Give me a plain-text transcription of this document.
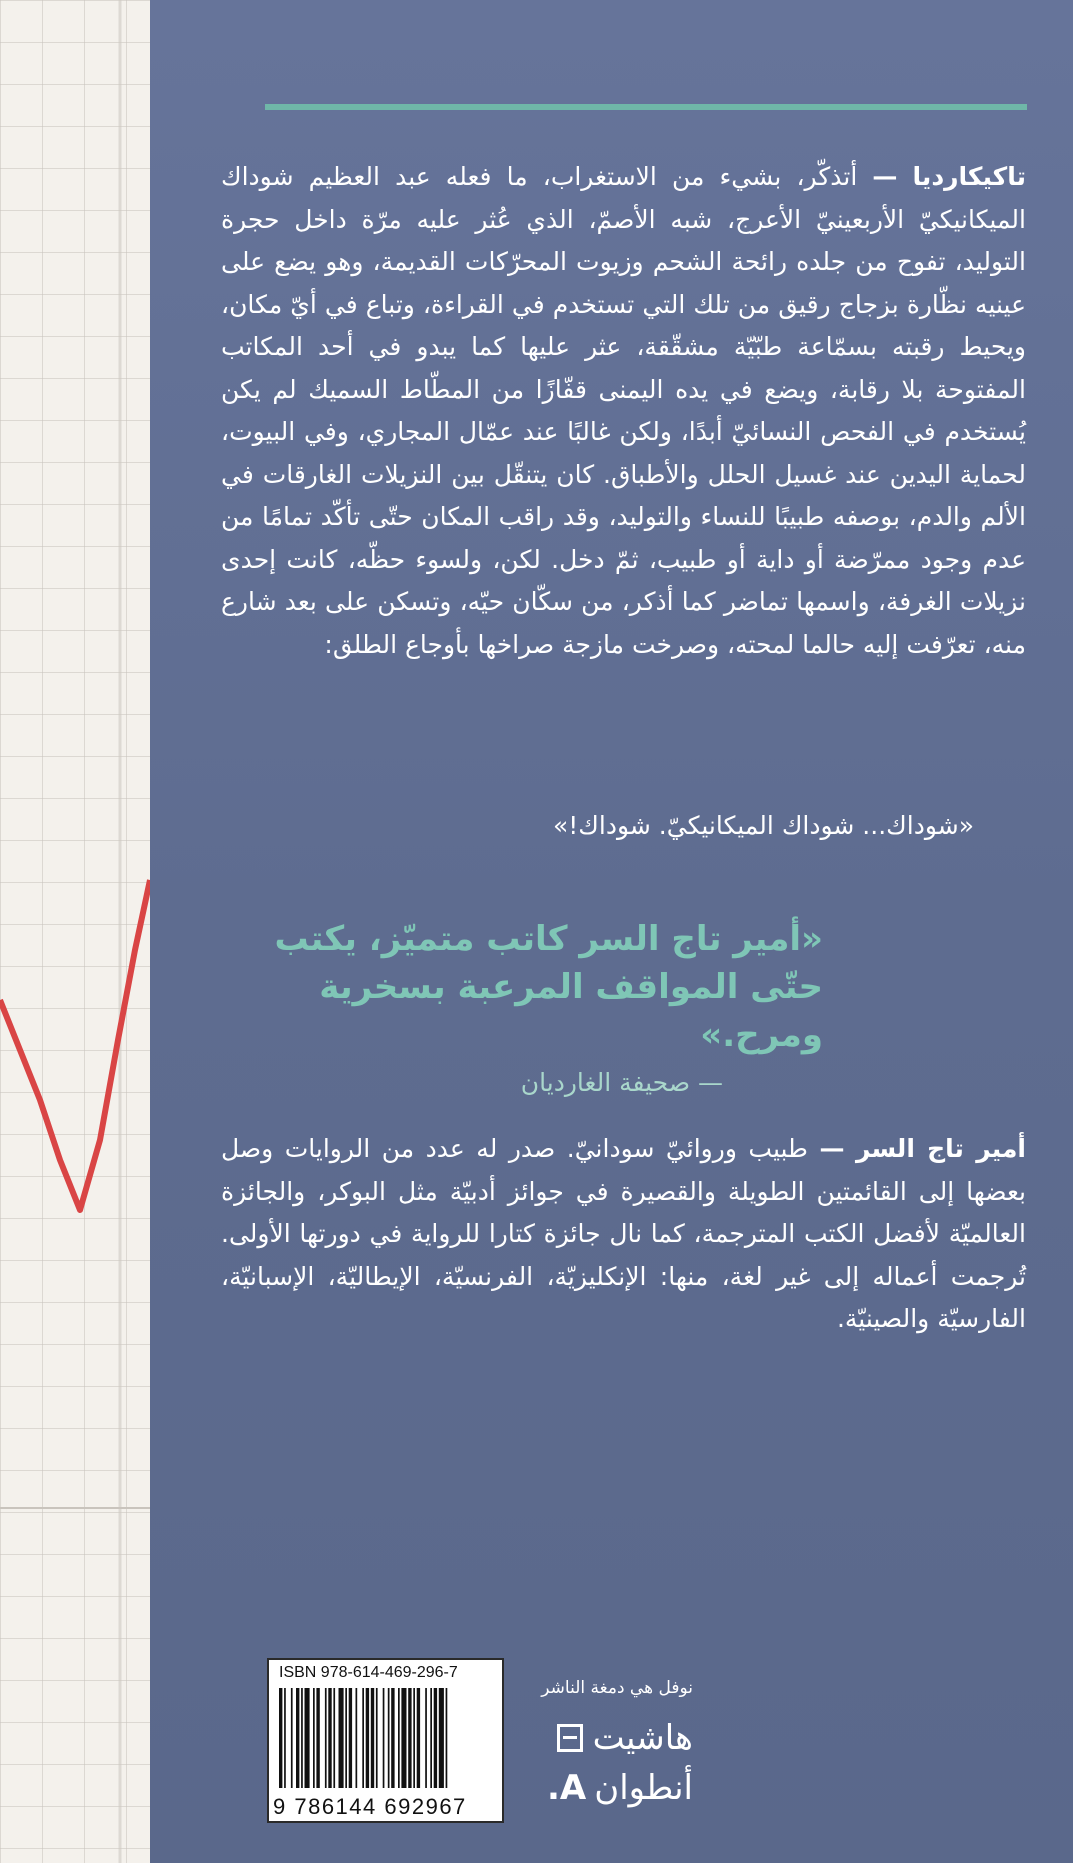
تاكيكارديا — أتذكّر، بشيء من الاستغراب، ما فعله عبد العظيم شوداك الميكانيكيّ الأربعينيّ الأعرج، شبه الأصمّ، الذي عُثر عليه مرّة داخل حجرة التوليد، تفوح من جلده رائحة الشحم وزيوت المحرّكات القديمة، وهو يضع على عينيه نظّارة بزجاج رقيق من تلك التي تستخدم في القراءة، وتباع في أيّ مكان، ويحيط رقبته بسمّاعة طبّيّة مشقّقة، عثر عليها كما يبدو في أحد المكاتب المفتوحة بلا رقابة، ويضع في يده اليمنى قفّازًا من المطّاط السميك لم يكن يُستخدم في الفحص النسائيّ أبدًا، ولكن غالبًا عند عمّال المجاري، وفي البيوت، لحماية اليدين عند غسيل الحلل والأطباق. كان يتنقّل بين النزيلات الغارقات في الألم والدم، بوصفه طبيبًا للنساء والتوليد، وقد راقب المكان حتّى تأكّد تمامًا من عدم وجود ممرّضة أو داية أو طبيب، ثمّ دخل. لكن، ولسوء حظّه، كانت إحدى نزيلات الغرفة، واسمها تماضر كما أذكر، من سكّان حيّه، وتسكن على بعد شارع منه، تعرّفت إليه حالما لمحته، وصرخت مازجة صراخها بأوجاع الطلق:

«شوداك... شوداك الميكانيكيّ. شوداك!»
«أمير تاج السر كاتب متميّز، يكتب حتّى المواقف المرعبة بسخرية ومرح.»
— صحيفة الغارديان

أمير تاج السر — طبيب وروائيّ سودانيّ. صدر له عدد من الروايات وصل بعضها إلى القائمتين الطويلة والقصيرة في جوائز أدبيّة مثل البوكر، والجائزة العالميّة لأفضل الكتب المترجمة، كما نال جائزة كتارا للرواية في دورتها الأولى. تُرجمت أعماله إلى غير لغة، منها: الإنكليزيّة، الفرنسيّة، الإيطاليّة، الإسبانيّة، الفارسيّة والصينيّة.

ISBN 978-614-469-296-7
9 786144 692967
نوفل هي دمغة الناشر
هاشيت
أنطوان
A.
